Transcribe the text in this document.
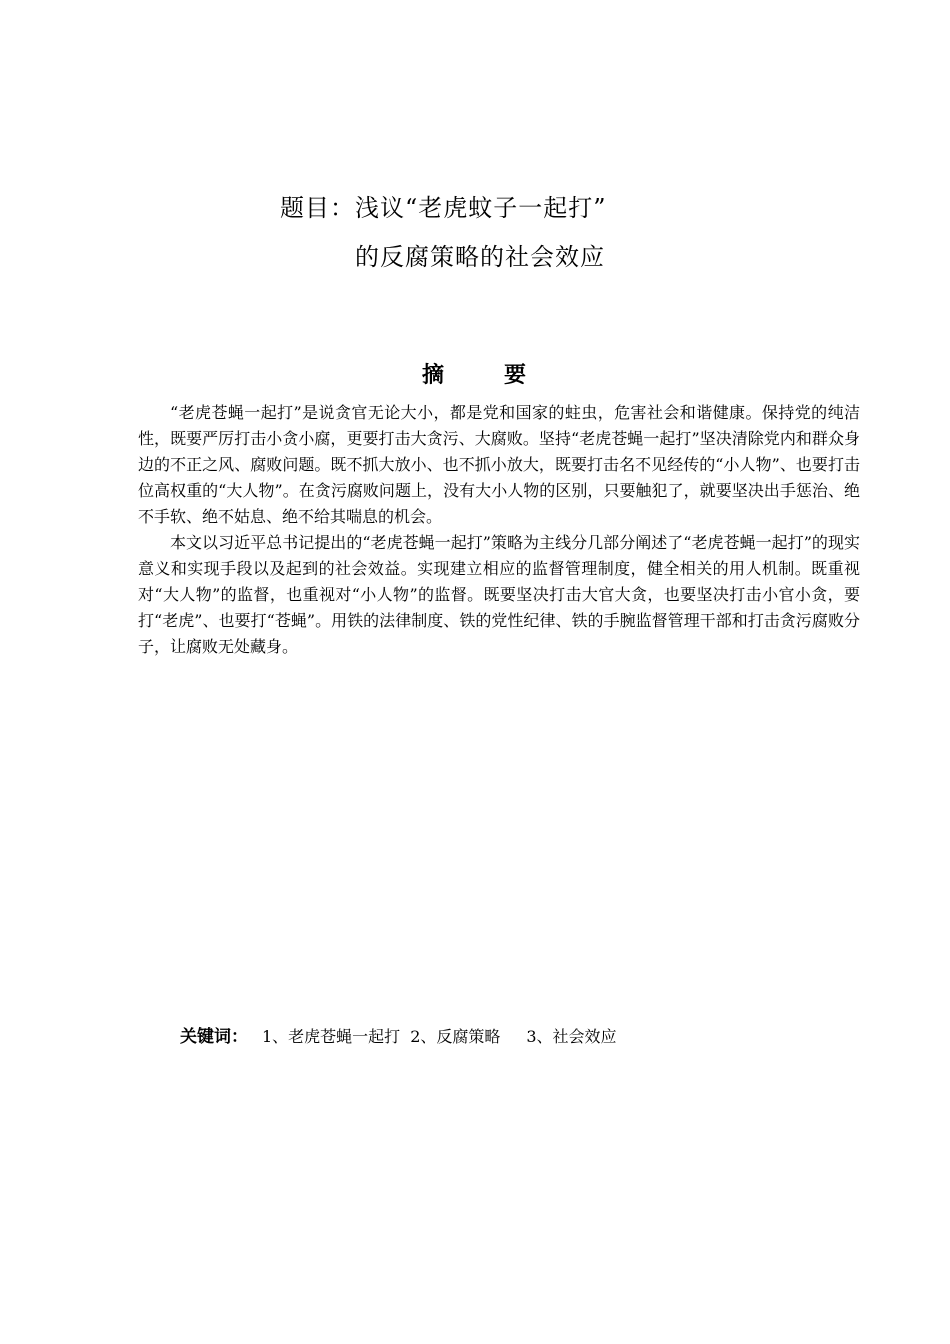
题目：浅议“老虎蚊子一起打”
的反腐策略的社会效应
摘	要

“老虎苍蝇一起打”是说贪官无论大小，都是党和国家的蛀虫，危害社会和谐健康。保持党的纯洁性，既要严厉打击小贪小腐，更要打击大贪污、大腐败。坚持“老虎苍蝇一起打”坚决清除党内和群众身边的不正之风、腐败问题。既不抓大放小、也不抓小放大，既要打击名不见经传的“小人物”、也要打击位高权重的“大人物”。在贪污腐败问题上，没有大小人物的区别，只要触犯了，就要坚决出手惩治、绝不手软、绝不姑息、绝不给其喘息的机会。

本文以习近平总书记提出的“老虎苍蝇一起打”策略为主线分几部分阐述了“老虎苍蝇一起打”的现实意义和实现手段以及起到的社会效益。实现建立相应的监督管理制度，健全相关的用人机制。既重视对“大人物”的监督，也重视对“小人物”的监督。既要坚决打击大官大贪，也要坚决打击小官小贪，要打“老虎”、也要打“苍蝇”。用铁的法律制度、铁的党性纪律、铁的手腕监督管理干部和打击贪污腐败分子，让腐败无处藏身。

关键词： 1、老虎苍蝇一起打 2、反腐策略 3、社会效应
